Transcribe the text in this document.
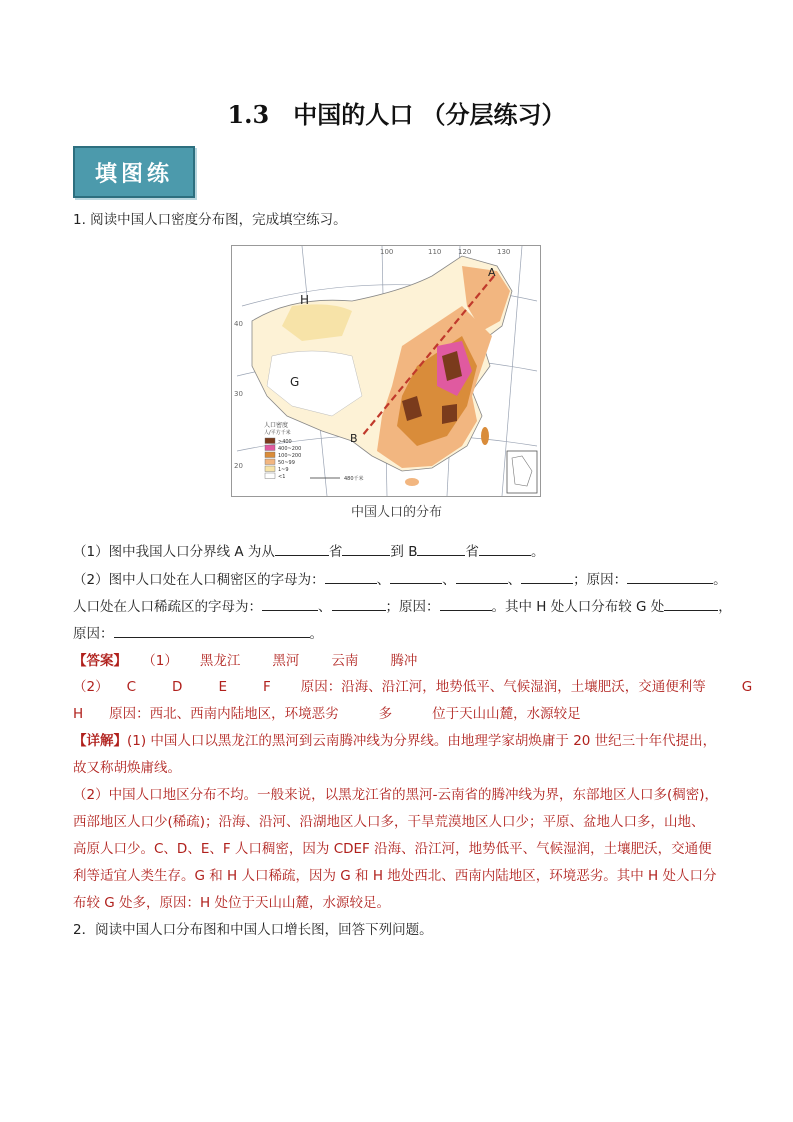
1.3　中国的人口 （分层练习）
填图练
1. 阅读中国人口密度分布图，完成填空练习。
100	110 120	130
20
30
40
A
B
G
H
人口密度
人/平方千米
>400
400~200
100~200
50~99
1~9
<1	480千米
中国人口的分布
（1）图中我国人口分界线 A 为从	省	到 B	省	。
（2）图中人口处在人口稠密区的字母为：	、	、	、	；原因：	。
人口处在人口稀疏区的字母为：	、	；原因：	。其中 H 处人口分布较 G 处	，
原因：	。
【答案】 （1） 黑龙江 黑河 云南 腾冲
（2） C	D	E	F 原因：沿海、沿江河，地势低平、气候湿润，土壤肥沃，交通便利等	G
H 原因：西北、西南内陆地区，环境恶劣	多	位于天山山麓，水源较足
【详解】(1) 中国人口以黑龙江的黑河到云南腾冲线为分界线。由地理学家胡焕庸于 20 世纪三十年代提出，
故又称胡焕庸线。
（2）中国人口地区分布不均。一般来说，以黑龙江省的黑河-云南省的腾冲线为界，东部地区人口多(稠密)，
西部地区人口少(稀疏)；沿海、沿河、沿湖地区人口多，干旱荒漠地区人口少；平原、盆地人口多，山地、
高原人口少。C、D、E、F 人口稠密，因为 CDEF 沿海、沿江河，地势低平、气候湿润，土壤肥沃，交通便
利等适宜人类生存。G 和 H 人口稀疏，因为 G 和 H 地处西北、西南内陆地区，环境恶劣。其中 H 处人口分
布较 G 处多，原因：H 处位于天山山麓，水源较足。
2．阅读中国人口分布图和中国人口增长图，回答下列问题。
